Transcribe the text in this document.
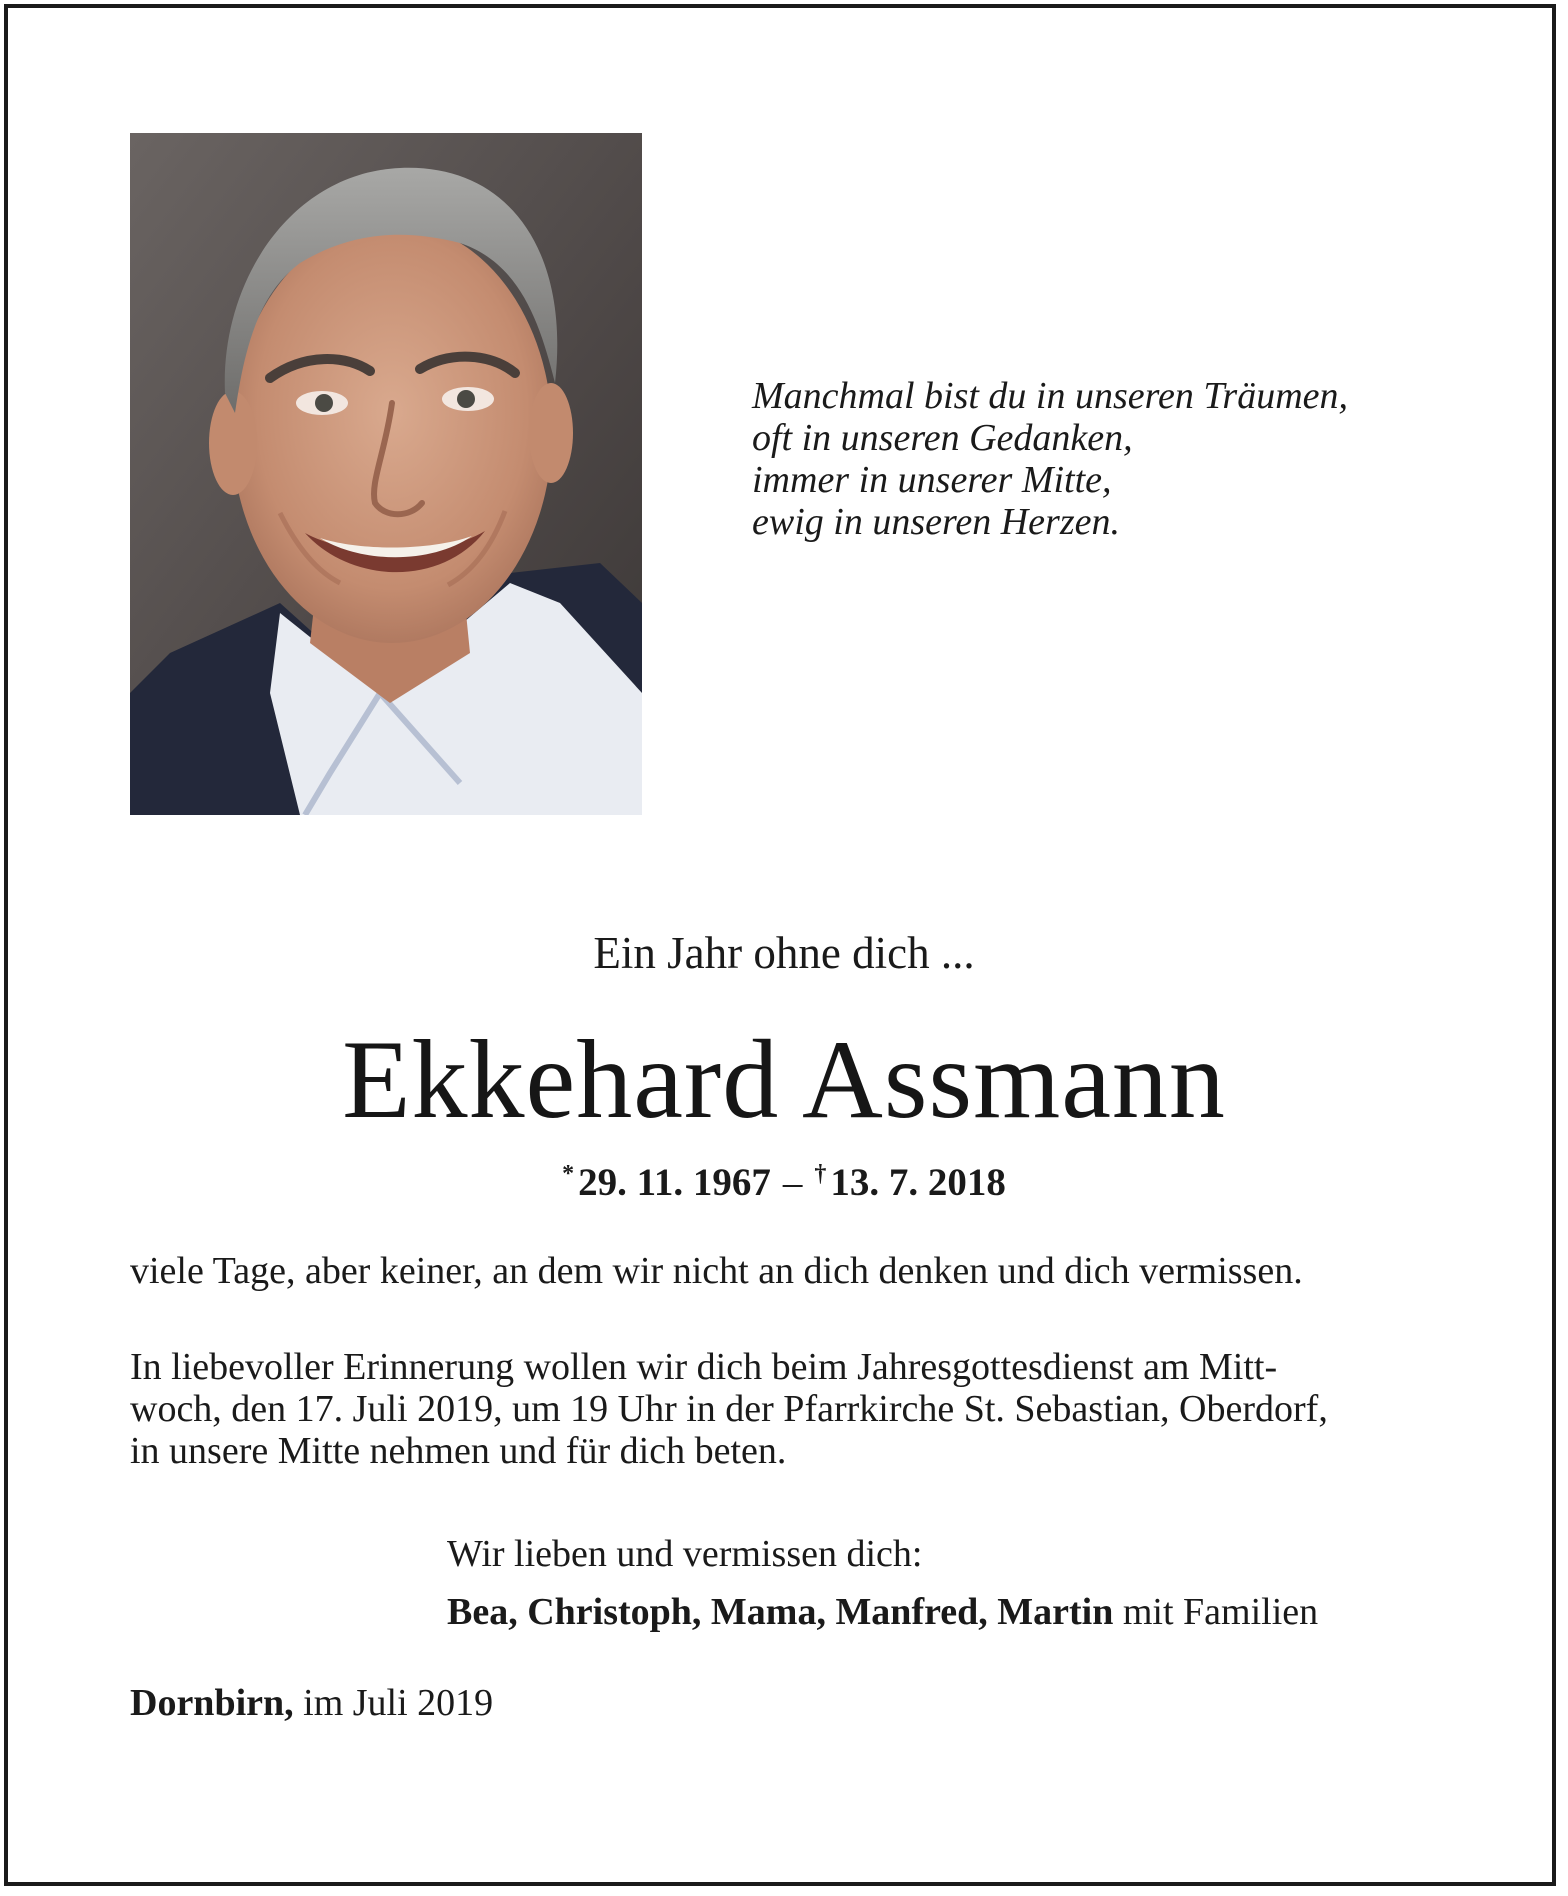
Manchmal bist du in unseren Träumen,
oft in unseren Gedanken,
immer in unserer Mitte,
ewig in unseren Herzen.
Ein Jahr ohne dich ...
Ekkehard Assmann
* 29. 11. 1967 – † 13. 7. 2018
viele Tage, aber keiner, an dem wir nicht an dich denken und dich vermissen.
In liebevoller Erinnerung wollen wir dich beim Jahresgottesdienst am Mitt-
woch, den 17. Juli 2019, um 19 Uhr in der Pfarrkirche St. Sebastian, Oberdorf,
in unsere Mitte nehmen und für dich beten.
Wir lieben und vermissen dich:
Bea, Christoph, Mama, Manfred, Martin mit Familien
Dornbirn, im Juli 2019
